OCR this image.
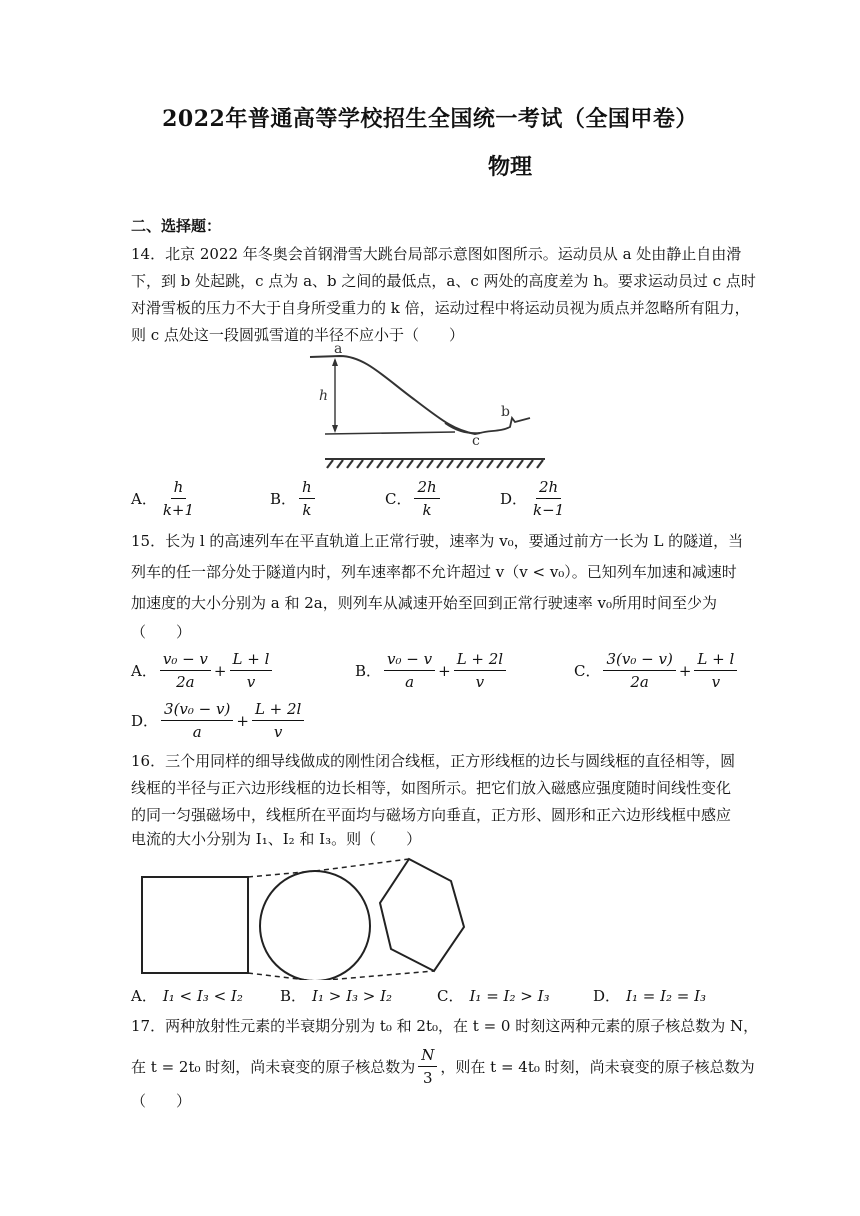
2022年普通高等学校招生全国统一考试（全国甲卷）
物理
二、选择题：
14．北京 2022 年冬奥会首钢滑雪大跳台局部示意图如图所示。运动员从 a 处由静止自由滑
下，到 b 处起跳，c 点为 a、b 之间的最低点，a、c 两处的高度差为 h。要求运动员过 c 点时
对滑雪板的压力不大于自身所受重力的 k 倍，运动过程中将运动员视为质点并忽略所有阻力，
则 c 点处这一段圆弧雪道的半径不应小于（　　）
a
h
b
c
A． $\frac{h}{k+1}$	B． $\frac{h}{k}$	C． $\frac{2h}{k}$	D． $\frac{2h}{k-1}$
15．长为 l 的高速列车在平直轨道上正常行驶，速率为 v₀，要通过前方一长为 L 的隧道，当
列车的任一部分处于隧道内时，列车速率都不允许超过 v（v < v₀）。已知列车加速和减速时
加速度的大小分别为 a 和 2a，则列车从减速开始至回到正常行驶速率 v₀所用时间至少为
（　　）
A． $\frac{\text{v₀ − v}}{2a} + \frac{L + l}{v}$	B． $\frac{\text{v₀ − v}}{a} + \frac{L + 2l}{v}$	C． $\frac{\text{3(v₀ − v)}}{2a} + \frac{L + l}{v}$
D． $\frac{\text{3(v₀ − v)}}{a} + \frac{L + 2l}{v}$
16．三个用同样的细导线做成的刚性闭合线框，正方形线框的边长与圆线框的直径相等，圆
线框的半径与正六边形线框的边长相等，如图所示。把它们放入磁感应强度随时间线性变化
的同一匀强磁场中，线框所在平面均与磁场方向垂直，正方形、圆形和正六边形线框中感应
电流的大小分别为 I₁、I₂ 和 I₃。则（　　）
A． I₁ < I₃ < I₂ B． I₁ > I₃ > I₂	C． I₁ = I₂ > I₃	D． I₁ = I₂ = I₃
17．两种放射性元素的半衰期分别为 t₀ 和 2t₀，在 t = 0 时刻这两种元素的原子核总数为 N，
在 t = 2t₀ 时刻，尚未衰变的原子核总数为 $\frac{N}{3}$ ，则在 t = 4t₀ 时刻，尚未衰变的原子核总数为
（　　）
